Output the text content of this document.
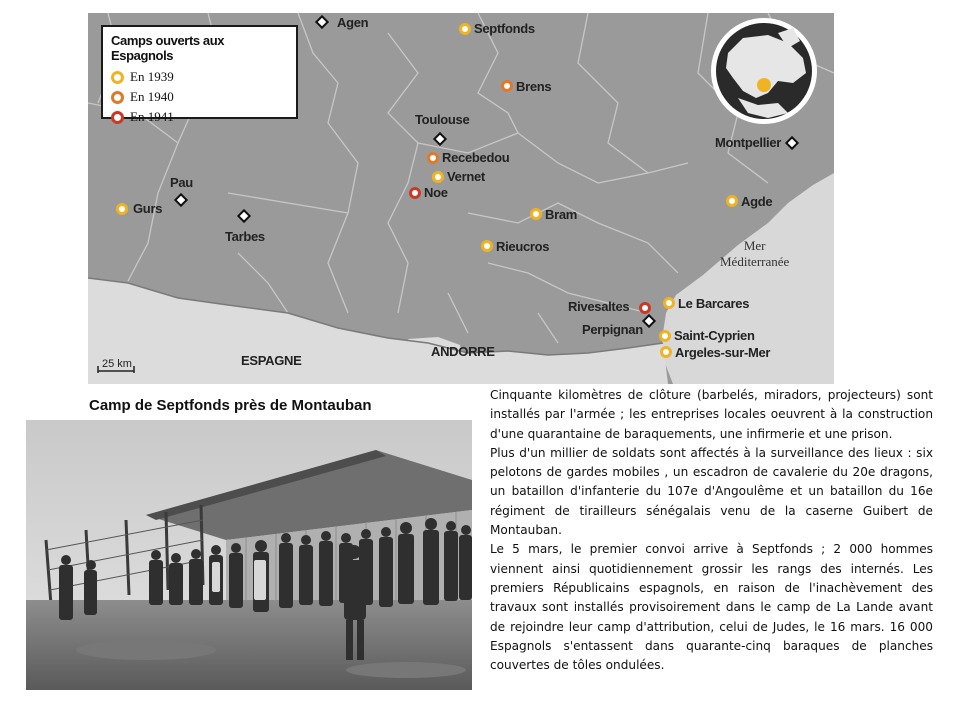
Camps ouverts aux Espagnols
En 1939
En 1940
En 1941
Agen	Septfonds
Brens
Toulouse
Recebedou
Vernet
Noe
Montpellier
Pau
Gurs
Tarbes
Bram
Rieucros
Agde
Mer
Méditerranée
Rivesaltes	Le Barcares
Perpignan Saint-Cyprien
Argeles-sur-Mer
ESPAGNE
ANDORRE
25 km
Camp de Septfonds près de Montauban

Cinquante kilomètres de clôture (barbelés, miradors, projecteurs) sont installés par l'armée ; les entreprises locales oeuvrent à la construction d'une quarantaine de baraquements, une infirmerie et une prison.

Plus d'un millier de soldats sont affectés à la surveillance des lieux : six pelotons de gardes mobiles , un escadron de cavalerie du 20e dragons, un bataillon d'infanterie du 107e d'Angoulême et un bataillon du 16e régiment de tirailleurs sénégalais venu de la caserne Guibert de Montauban.

Le 5 mars, le premier convoi arrive à Septfonds ; 2 000 hommes viennent ainsi quotidiennement grossir les rangs des internés. Les premiers Républicains espagnols, en raison de l'inachèvement des travaux sont installés provisoirement dans le camp de La Lande avant de rejoindre leur camp d'attribution, celui de Judes, le 16 mars. 16 000 Espagnols s'entassent dans quarante-cinq baraques de planches couvertes de tôles ondulées.
